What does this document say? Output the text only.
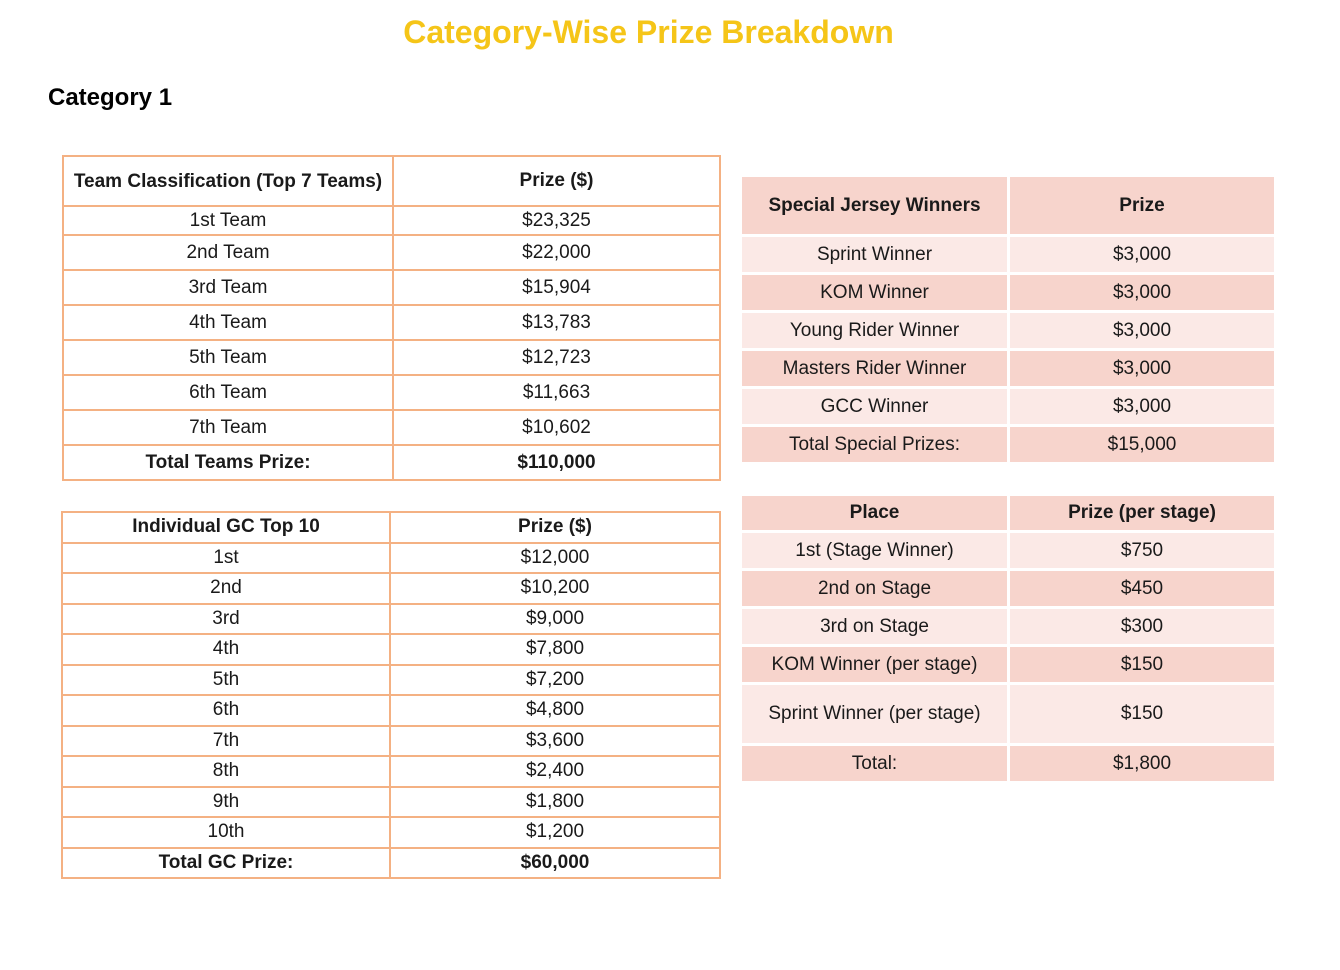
Category-Wise Prize Breakdown
Category 1
Team Classification (Top 7 Teams)	Prize ($)
1st Team	$23,325
2nd Team	$22,000
3rd Team	$15,904
4th Team	$13,783
5th Team	$12,723
6th Team	$11,663
7th Team	$10,602
Total Teams Prize:	$110,000
Individual GC Top 10	Prize ($)
1st	$12,000
2nd	$10,200
3rd	$9,000
4th	$7,800
5th	$7,200
6th	$4,800
7th	$3,600
8th	$2,400
9th	$1,800
10th	$1,200
Total GC Prize:	$60,000
Special Jersey Winners	Prize
Sprint Winner	$3,000
KOM Winner	$3,000
Young Rider Winner	$3,000
Masters Rider Winner	$3,000
GCC Winner	$3,000
Total Special Prizes:	$15,000
Place	Prize (per stage)
1st (Stage Winner)	$750
2nd on Stage	$450
3rd on Stage	$300
KOM Winner (per stage)	$150
Sprint Winner (per stage)	$150
Total:	$1,800
